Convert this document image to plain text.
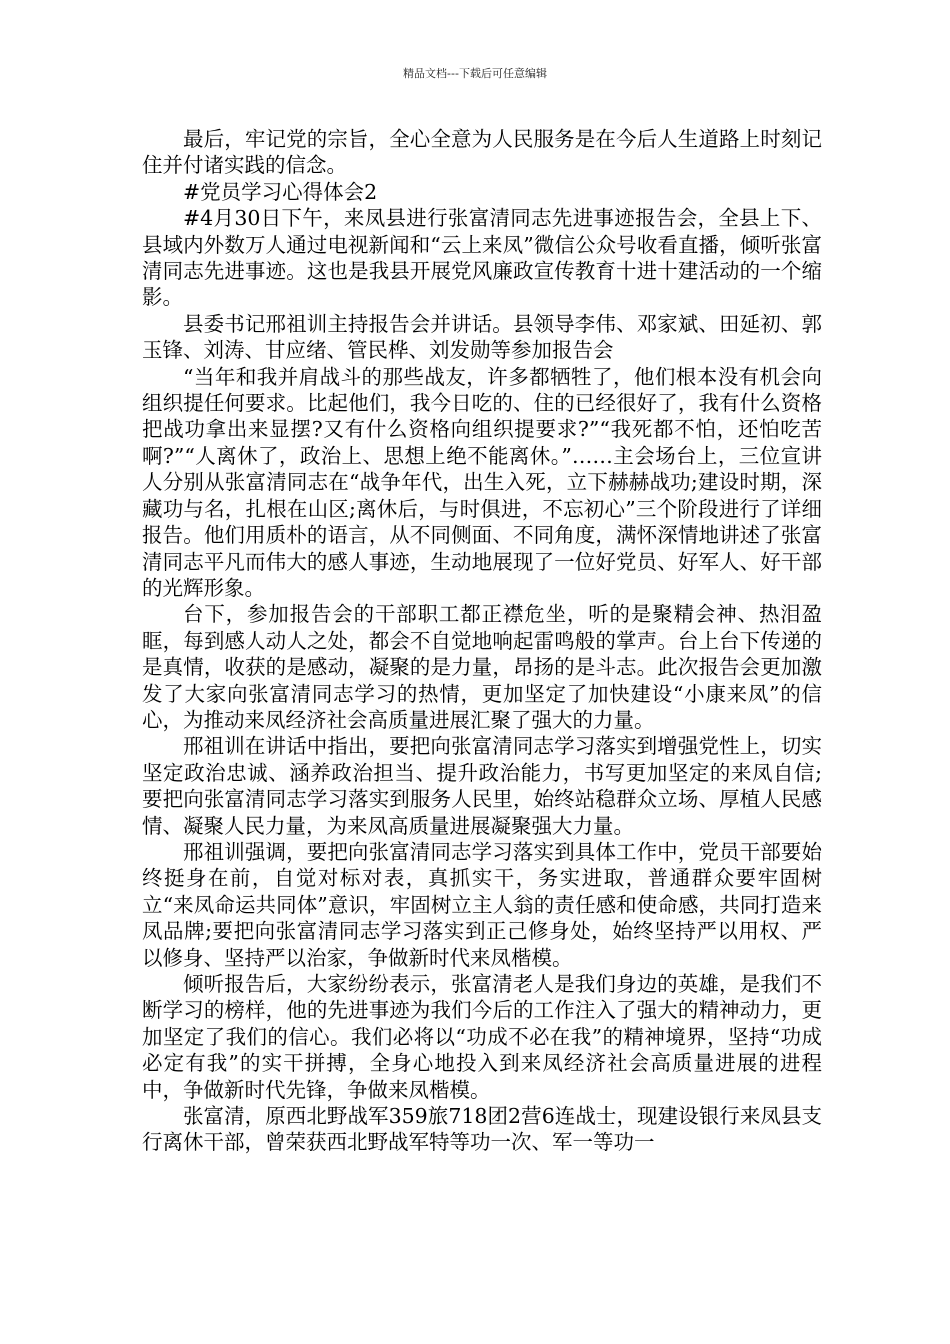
精品文档---下载后可任意编辑

最后，牢记党的宗旨，全心全意为人民服务是在今后人生道路上时刻记住并付诸实践的信念。

#党员学习心得体会2

#4月30日下午，来凤县进行张富清同志先进事迹报告会，全县上下、县域内外数万人通过电视新闻和“云上来凤”微信公众号收看直播，倾听张富清同志先进事迹。这也是我县开展党风廉政宣传教育十进十建活动的一个缩影。

县委书记邢祖训主持报告会并讲话。县领导李伟、邓家斌、田延初、郭玉锋、刘涛、甘应绪、管民桦、刘发勋等参加报告会

“当年和我并肩战斗的那些战友，许多都牺牲了，他们根本没有机会向组织提任何要求。比起他们，我今日吃的、住的已经很好了，我有什么资格把战功拿出来显摆?又有什么资格向组织提要求?”“我死都不怕，还怕吃苦啊?”“人离休了，政治上、思想上绝不能离休。”……主会场台上，三位宣讲人分别从张富清同志在“战争年代，出生入死，立下赫赫战功;建设时期，深藏功与名，扎根在山区;离休后，与时俱进，不忘初心”三个阶段进行了详细报告。他们用质朴的语言，从不同侧面、不同角度，满怀深情地讲述了张富清同志平凡而伟大的感人事迹，生动地展现了一位好党员、好军人、好干部的光辉形象。

台下，参加报告会的干部职工都正襟危坐，听的是聚精会神、热泪盈眶，每到感人动人之处，都会不自觉地响起雷鸣般的掌声。台上台下传递的是真情，收获的是感动，凝聚的是力量，昂扬的是斗志。此次报告会更加激发了大家向张富清同志学习的热情，更加坚定了加快建设“小康来凤”的信心，为推动来凤经济社会高质量进展汇聚了强大的力量。

邢祖训在讲话中指出，要把向张富清同志学习落实到增强党性上，切实坚定政治忠诚、涵养政治担当、提升政治能力，书写更加坚定的来凤自信;要把向张富清同志学习落实到服务人民里，始终站稳群众立场、厚植人民感情、凝聚人民力量，为来凤高质量进展凝聚强大力量。

邢祖训强调，要把向张富清同志学习落实到具体工作中，党员干部要始终挺身在前，自觉对标对表，真抓实干，务实进取，普通群众要牢固树立“来凤命运共同体”意识，牢固树立主人翁的责任感和使命感，共同打造来凤品牌;要把向张富清同志学习落实到正己修身处，始终坚持严以用权、严以修身、坚持严以治家，争做新时代来凤楷模。

倾听报告后，大家纷纷表示，张富清老人是我们身边的英雄，是我们不断学习的榜样，他的先进事迹为我们今后的工作注入了强大的精神动力，更加坚定了我们的信心。我们必将以“功成不必在我”的精神境界，坚持“功成必定有我”的实干拼搏，全身心地投入到来凤经济社会高质量进展的进程中，争做新时代先锋，争做来凤楷模。

张富清，原西北野战军359旅718团2营6连战士，现建设银行来凤县支行离休干部，曾荣获西北野战军特等功一次、军一等功一
